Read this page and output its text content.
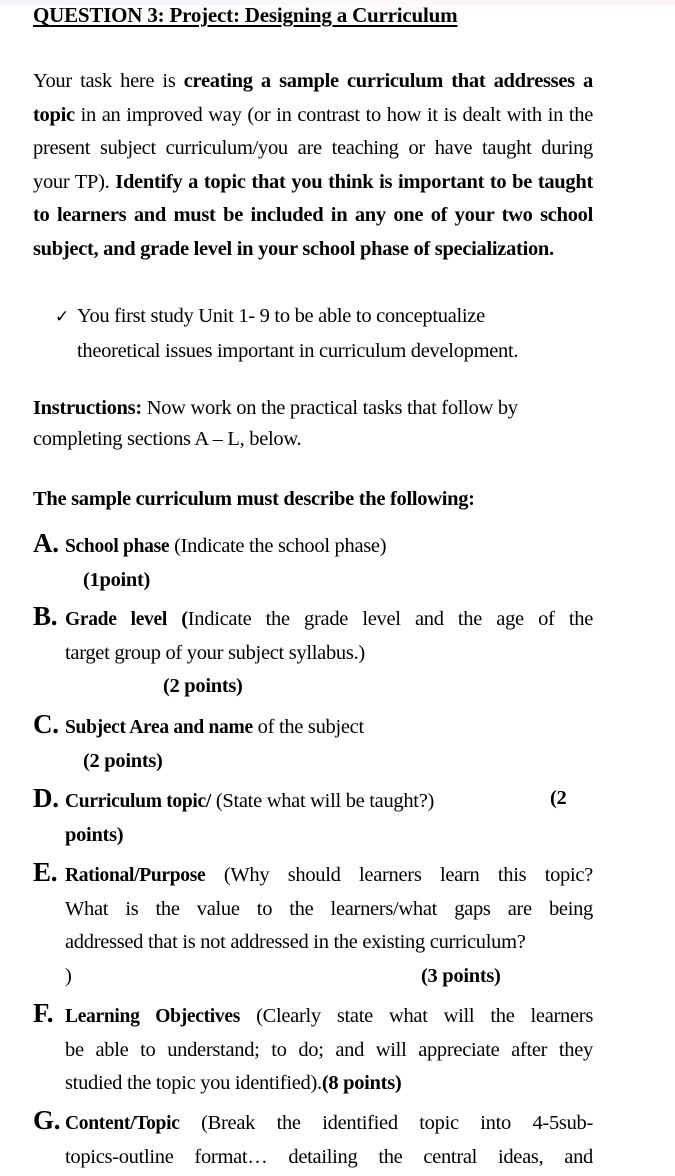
QUESTION 3: Project: Designing a Curriculum
Your task here is creating a sample curriculum that addresses a topic in an improved way (or in contrast to how it is dealt with in the present subject curriculum/you are teaching or have taught during your TP). Identify a topic that you think is important to be taught to learners and must be included in any one of your two school subject, and grade level in your school phase of specialization.
✓ You first study Unit 1- 9 to be able to conceptualize
theoretical issues important in curriculum development.
Instructions: Now work on the practical tasks that follow by
completing sections A – L, below.
The sample curriculum must describe the following:
A. School phase (Indicate the school phase)
(1point)
B. Grade level (Indicate the grade level and the age of the
target group of your subject syllabus.)
(2 points)
C. Subject Area and name of the subject
(2 points)
D. Curriculum topic/ (State what will be taught?)	(2
points)
E. Rational/Purpose (Why should learners learn this topic?
What is the value to the learners/what gaps are being
addressed that is not addressed in the existing curriculum?
)	(3 points)
F. Learning Objectives (Clearly state what will the learners
be able to understand; to do; and will appreciate after they
studied the topic you identified).(8 points)
G. Content/Topic (Break the identified topic into 4-5sub-
topics-outline format… detailing the central ideas, and
